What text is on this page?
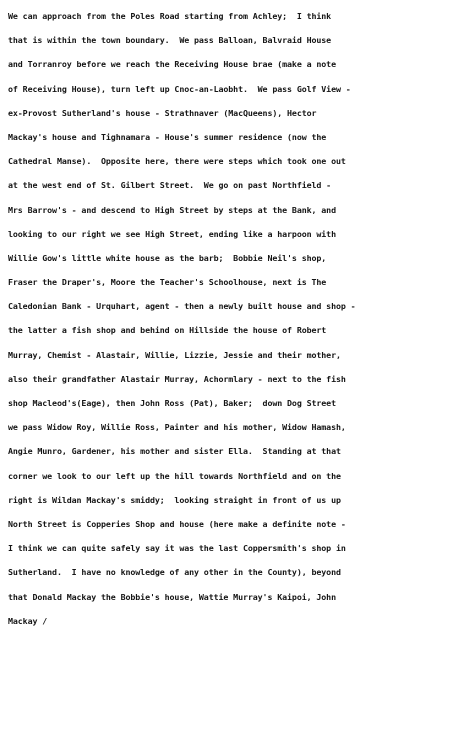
We can approach from the Poles Road starting from Achley;  I think
that is within the town boundary.  We pass Balloan, Balvraid House
and Torranroy before we reach the Receiving House brae (make a note
of Receiving House), turn left up Cnoc-an-Laobht.  We pass Golf View -
ex-Provost Sutherland's house - Strathnaver (MacQueens), Hector
Mackay's house and Tighnamara - House's summer residence (now the
Cathedral Manse).  Opposite here, there were steps which took one out
at the west end of St. Gilbert Street.  We go on past Northfield -
Mrs Barrow's - and descend to High Street by steps at the Bank, and
looking to our right we see High Street, ending like a harpoon with
Willie Gow's little white house as the barb;  Bobbie Neil's shop,
Fraser the Draper's, Moore the Teacher's Schoolhouse, next is The
Caledonian Bank - Urquhart, agent - then a newly built house and shop -
the latter a fish shop and behind on Hillside the house of Robert
Murray, Chemist - Alastair, Willie, Lizzie, Jessie and their mother,
also their grandfather Alastair Murray, Achormlary - next to the fish
shop Macleod's(Eage), then John Ross (Pat), Baker;  down Dog Street
we pass Widow Roy, Willie Ross, Painter and his mother, Widow Hamash,
Angie Munro, Gardener, his mother and sister Ella.  Standing at that
corner we look to our left up the hill towards Northfield and on the
right is Wildan Mackay's smiddy;  looking straight in front of us up
North Street is Copperies Shop and house (here make a definite note -
I think we can quite safely say it was the last Coppersmith's shop in
Sutherland.  I have no knowledge of any other in the County), beyond
that Donald Mackay the Bobbie's house, Wattie Murray's Kaipoi, John
Mackay /
